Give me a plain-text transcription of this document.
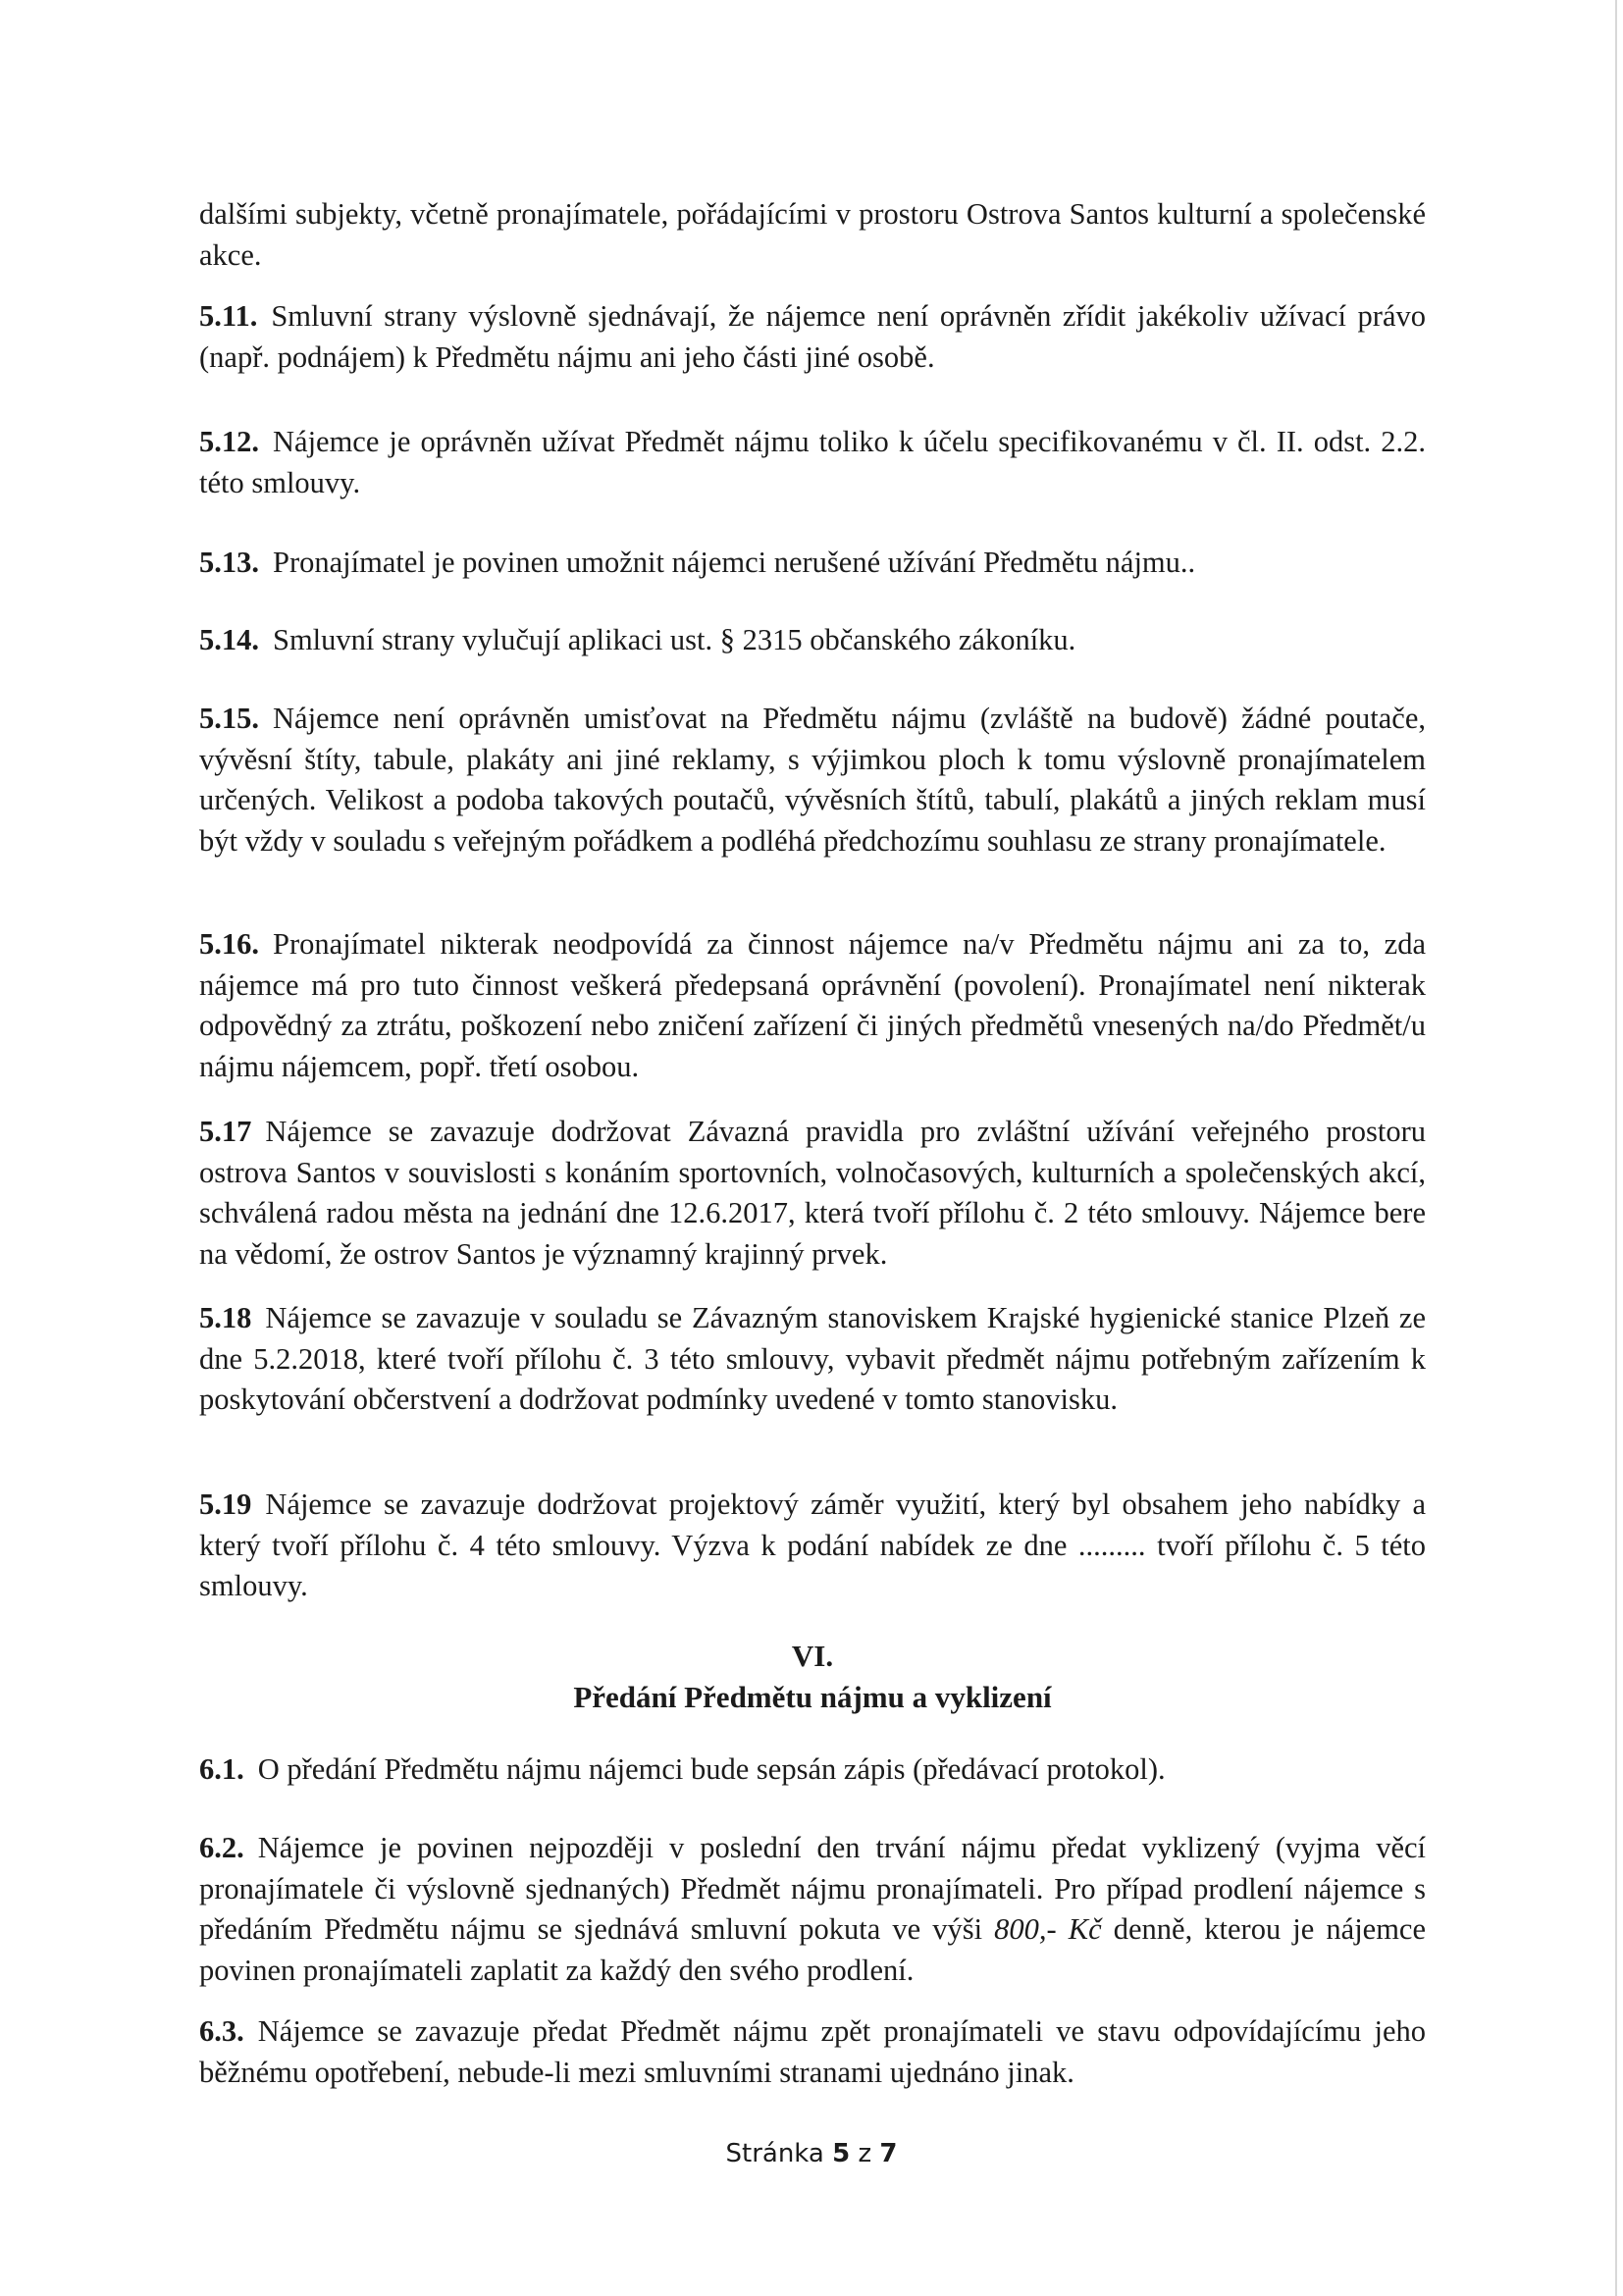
dalšími subjekty, včetně pronajímatele, pořádajícími v prostoru Ostrova Santos kulturní a společenské akce.

5.11. Smluvní strany výslovně sjednávají, že nájemce není oprávněn zřídit jakékoliv užívací právo (např. podnájem) k Předmětu nájmu ani jeho části jiné osobě.

5.12. Nájemce je oprávněn užívat Předmět nájmu toliko k účelu specifikovanému v čl. II. odst. 2.2. této smlouvy.

5.13. Pronajímatel je povinen umožnit nájemci nerušené užívání Předmětu nájmu..

5.14. Smluvní strany vylučují aplikaci ust. § 2315 občanského zákoníku.

5.15. Nájemce není oprávněn umisťovat na Předmětu nájmu (zvláště na budově) žádné poutače, vývěsní štíty, tabule, plakáty ani jiné reklamy, s výjimkou ploch k tomu výslovně pronajímatelem určených. Velikost a podoba takových poutačů, vývěsních štítů, tabulí, plakátů a jiných reklam musí být vždy v souladu s veřejným pořádkem a podléhá předchozímu souhlasu ze strany pronajímatele.

5.16. Pronajímatel nikterak neodpovídá za činnost nájemce na/v Předmětu nájmu ani za to, zda nájemce má pro tuto činnost veškerá předepsaná oprávnění (povolení). Pronajímatel není nikterak odpovědný za ztrátu, poškození nebo zničení zařízení či jiných předmětů vnesených na/do Předmět/u nájmu nájemcem, popř. třetí osobou.

5.17 Nájemce se zavazuje dodržovat Závazná pravidla pro zvláštní užívání veřejného prostoru ostrova Santos v souvislosti s konáním sportovních, volnočasových, kulturních a společenských akcí, schválená radou města na jednání dne 12.6.2017, která tvoří přílohu č. 2 této smlouvy. Nájemce bere na vědomí, že ostrov Santos je významný krajinný prvek.

5.18 Nájemce se zavazuje v souladu se Závazným stanoviskem Krajské hygienické stanice Plzeň ze dne 5.2.2018, které tvoří přílohu č. 3 této smlouvy, vybavit předmět nájmu potřebným zařízením k poskytování občerstvení a dodržovat podmínky uvedené v tomto stanovisku.

5.19 Nájemce se zavazuje dodržovat projektový záměr využití, který byl obsahem jeho nabídky a který tvoří přílohu č. 4 této smlouvy. Výzva k podání nabídek ze dne ......... tvoří přílohu č. 5 této smlouvy.

VI.

Předání Předmětu nájmu a vyklizení

6.1. O předání Předmětu nájmu nájemci bude sepsán zápis (předávací protokol).

6.2. Nájemce je povinen nejpozději v poslední den trvání nájmu předat vyklizený (vyjma věcí pronajímatele či výslovně sjednaných) Předmět nájmu pronajímateli. Pro případ prodlení nájemce s předáním Předmětu nájmu se sjednává smluvní pokuta ve výši 800,- Kč denně, kterou je nájemce povinen pronajímateli zaplatit za každý den svého prodlení.

6.3. Nájemce se zavazuje předat Předmět nájmu zpět pronajímateli ve stavu odpovídajícímu jeho běžnému opotřebení, nebude-li mezi smluvními stranami ujednáno jinak.

Stránka 5 z 7
